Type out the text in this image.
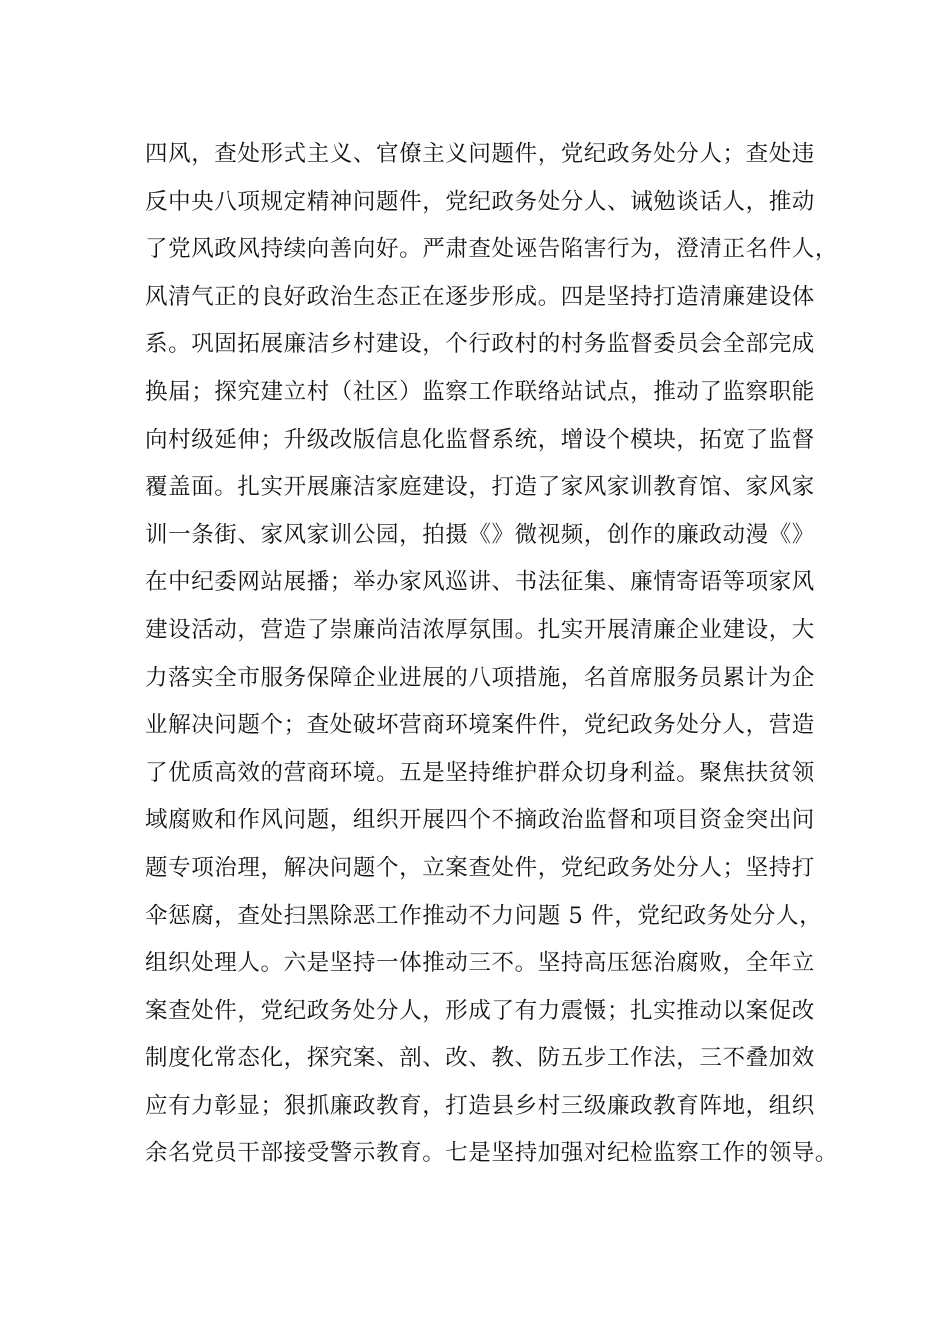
四风，查处形式主义、官僚主义问题件，党纪政务处分人；查处违
反中央八项规定精神问题件，党纪政务处分人、诫勉谈话人，推动
了党风政风持续向善向好。严肃查处诬告陷害行为，澄清正名件人，
风清气正的良好政治生态正在逐步形成。四是坚持打造清廉建设体
系。巩固拓展廉洁乡村建设，个行政村的村务监督委员会全部完成
换届；探究建立村（社区）监察工作联络站试点，推动了监察职能
向村级延伸；升级改版信息化监督系统，增设个模块，拓宽了监督
覆盖面。扎实开展廉洁家庭建设，打造了家风家训教育馆、家风家
训一条街、家风家训公园，拍摄《》微视频，创作的廉政动漫《》
在中纪委网站展播；举办家风巡讲、书法征集、廉情寄语等项家风
建设活动，营造了崇廉尚洁浓厚氛围。扎实开展清廉企业建设，大
力落实全市服务保障企业进展的八项措施，名首席服务员累计为企
业解决问题个；查处破坏营商环境案件件，党纪政务处分人，营造
了优质高效的营商环境。五是坚持维护群众切身利益。聚焦扶贫领
域腐败和作风问题，组织开展四个不摘政治监督和项目资金突出问
题专项治理，解决问题个，立案查处件，党纪政务处分人；坚持打
伞惩腐，查处扫黑除恶工作推动不力问题 5 件，党纪政务处分人，
组织处理人。六是坚持一体推动三不。坚持高压惩治腐败，全年立
案查处件，党纪政务处分人，形成了有力震慑；扎实推动以案促改
制度化常态化，探究案、剖、改、教、防五步工作法，三不叠加效
应有力彰显；狠抓廉政教育，打造县乡村三级廉政教育阵地，组织
余名党员干部接受警示教育。七是坚持加强对纪检监察工作的领导。
